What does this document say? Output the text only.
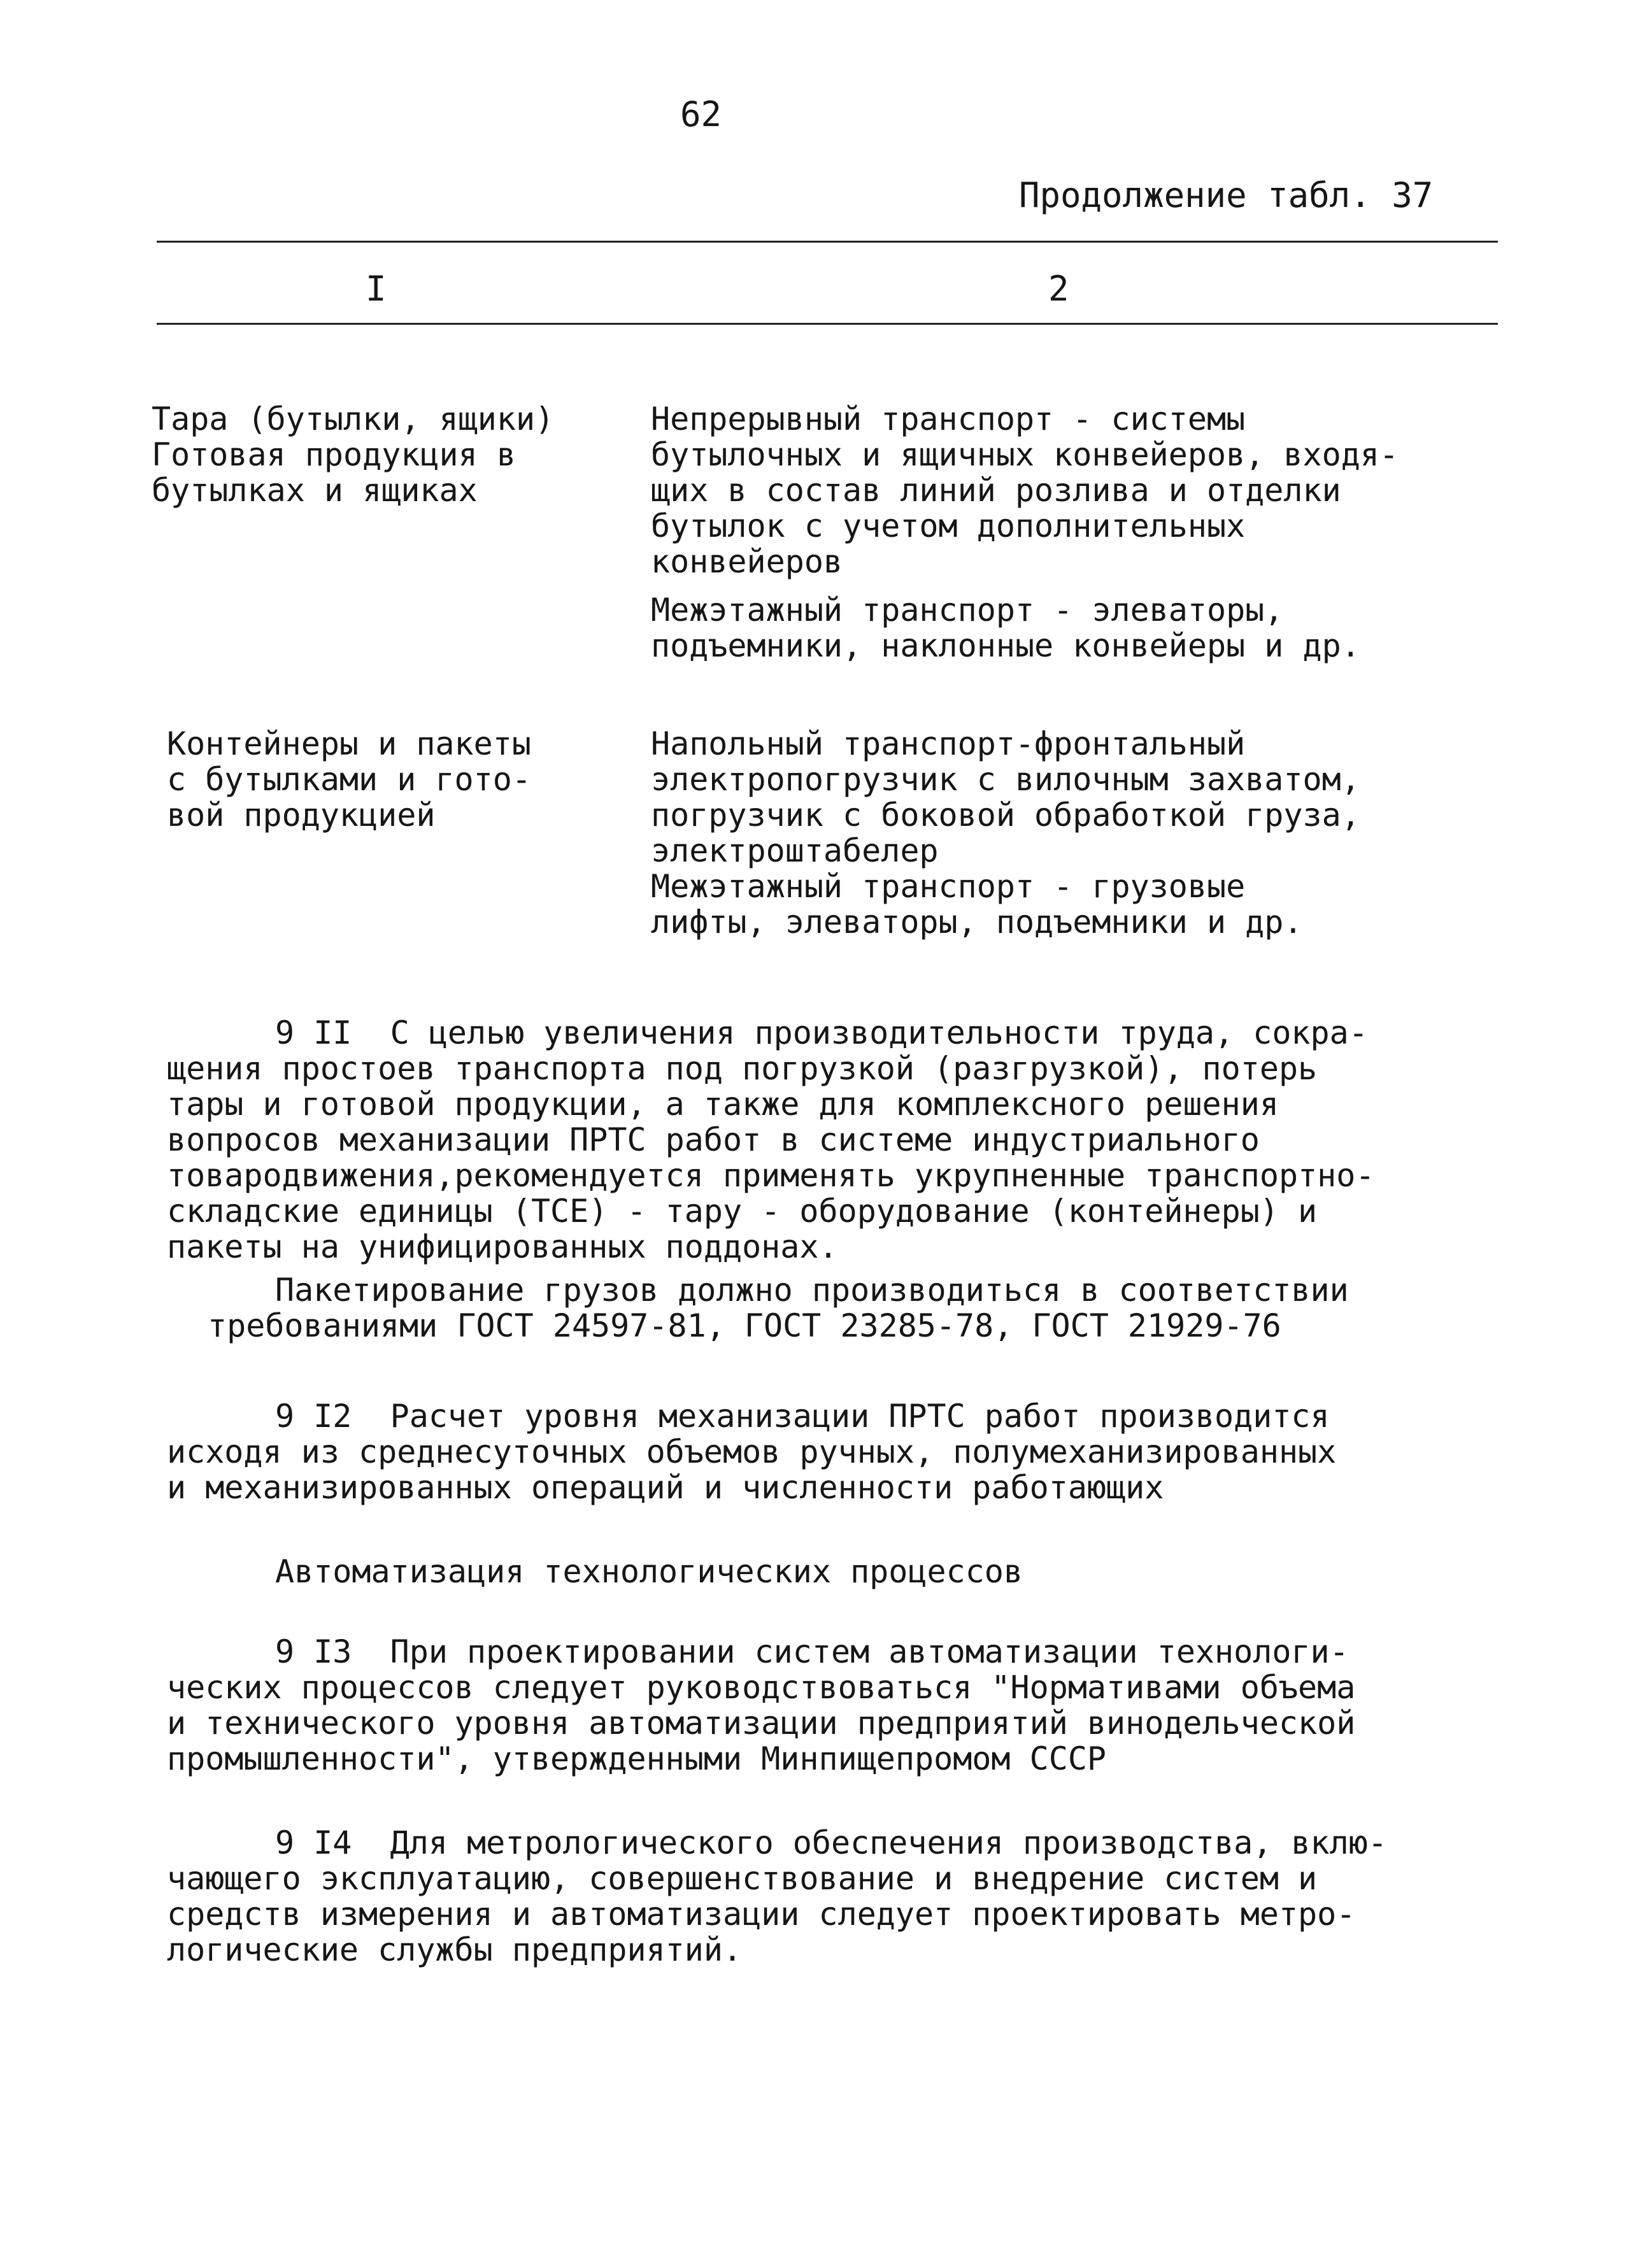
62
Продолжение табл. 37
I	2
Тара (бутылки, ящики)
Готовая продукция в
бутылках и ящиках
Непрерывный транспорт - системы
бутылочных и ящичных конвейеров, входя-
щих в состав линий розлива и отделки
бутылок с учетом дополнительных
конвейеров
Межэтажный транспорт - элеваторы,
подъемники, наклонные конвейеры и др.
Контейнеры и пакеты
с бутылками и гото-
вой продукцией
Напольный транспорт-фронтальный
электропогрузчик с вилочным захватом,
погрузчик с боковой обработкой груза,
электроштабелер
Межэтажный транспорт - грузовые
лифты, элеваторы, подъемники и др.
9 II  С целью увеличения производительности труда, сокра-
щения простоев транспорта под погрузкой (разгрузкой), потерь
тары и готовой продукции, а также для комплексного решения
вопросов механизации ПРТС работ в системе индустриального
товародвижения,рекомендуется применять укрупненные транспортно-
складские единицы (ТСЕ) - тару - оборудование (контейнеры) и
пакеты на унифицированных поддонах.
Пакетирование грузов должно производиться в соответствии
требованиями ГОСТ 24597-81, ГОСТ 23285-78, ГОСТ 21929-76
9 I2  Расчет уровня механизации ПРТС работ производится
исходя из среднесуточных объемов ручных, полумеханизированных
и механизированных операций и численности работающих
Автоматизация технологических процессов
9 I3  При проектировании систем автоматизации технологи-
ческих процессов следует руководствоваться "Нормативами объема
и технического уровня автоматизации предприятий винодельческой
промышленности", утвержденными Минпищепромом СССР
9 I4  Для метрологического обеспечения производства, вклю-
чающего эксплуатацию, совершенствование и внедрение систем и
средств измерения и автоматизации следует проектировать метро-
логические службы предприятий.
